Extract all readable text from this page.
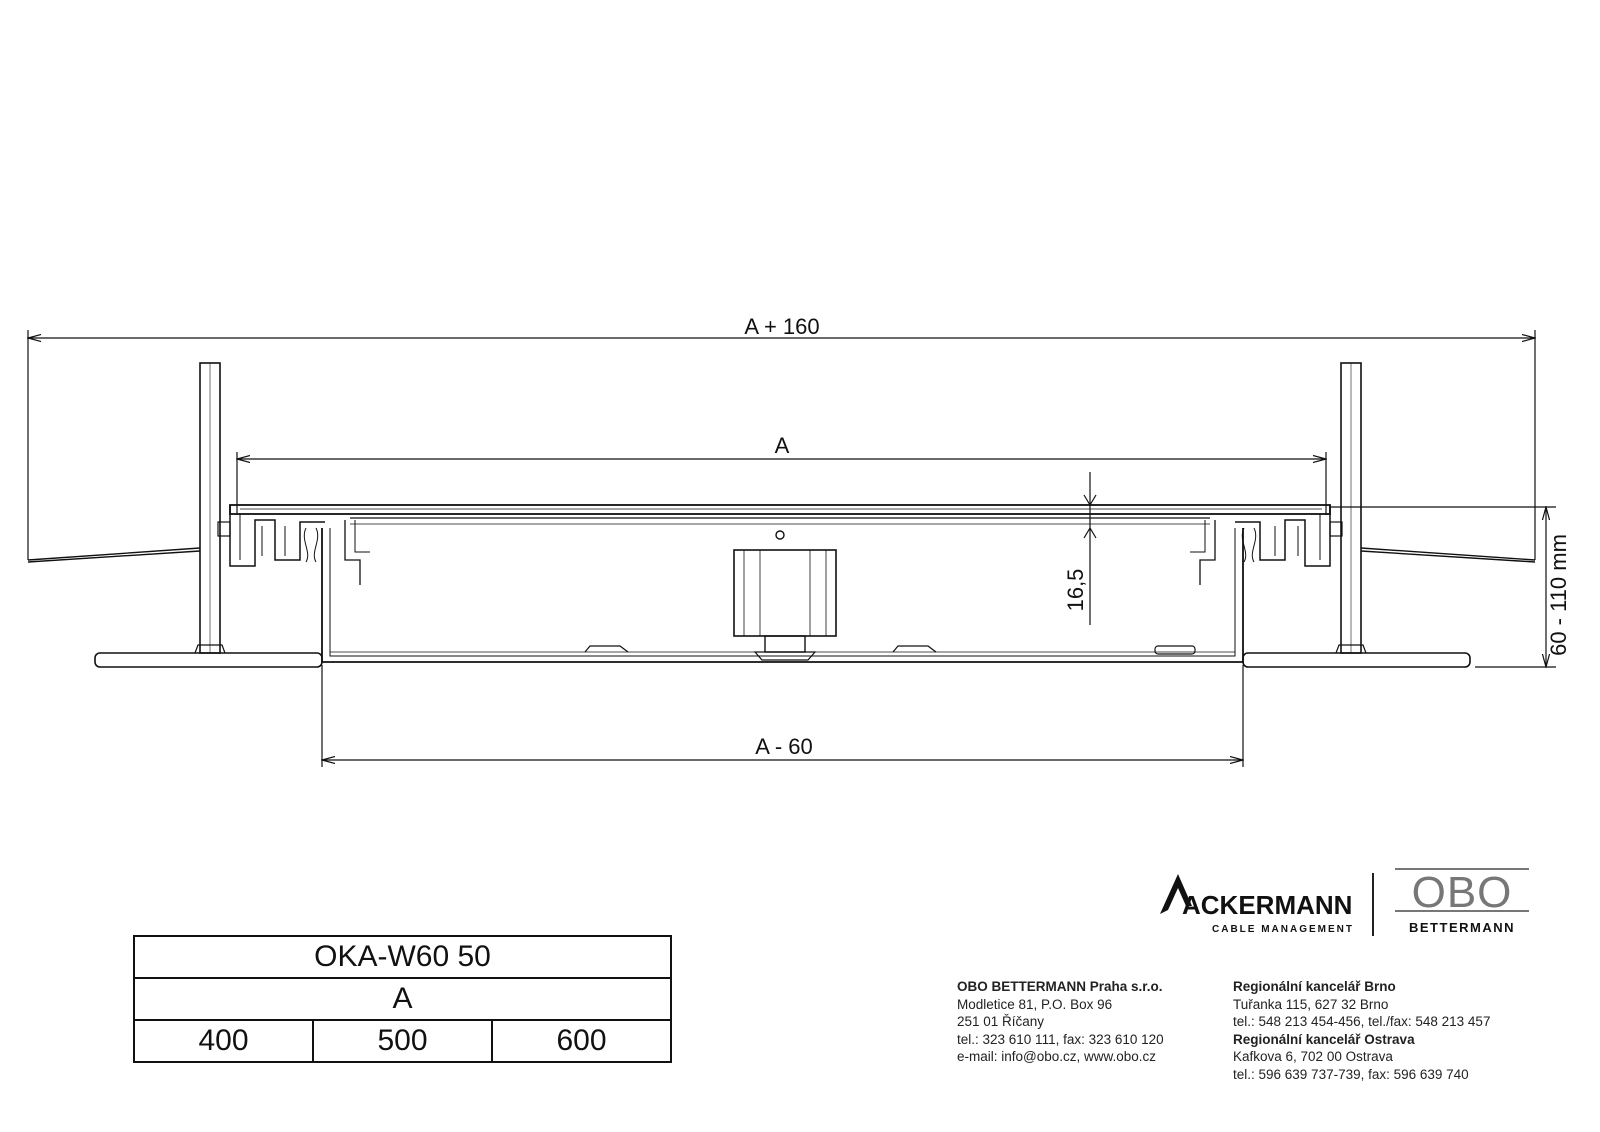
A + 160
A
A - 60
16,5	60 - 110 mm
OKA-W60 50
A
400	500	600
ACKERMANN
CABLE MANAGEMENT
OBO
BETTERMANN
OBO BETTERMANN Praha s.r.o.
Modletice 81, P.O. Box 96
251 01 Říčany
tel.: 323 610 111, fax: 323 610 120
e-mail: info@obo.cz, www.obo.cz
Regionální kancelář Brno
Tuřanka 115, 627 32 Brno
tel.: 548 213 454-456, tel./fax: 548 213 457
Regionální kancelář Ostrava
Kafkova 6, 702 00 Ostrava
tel.: 596 639 737-739, fax: 596 639 740
